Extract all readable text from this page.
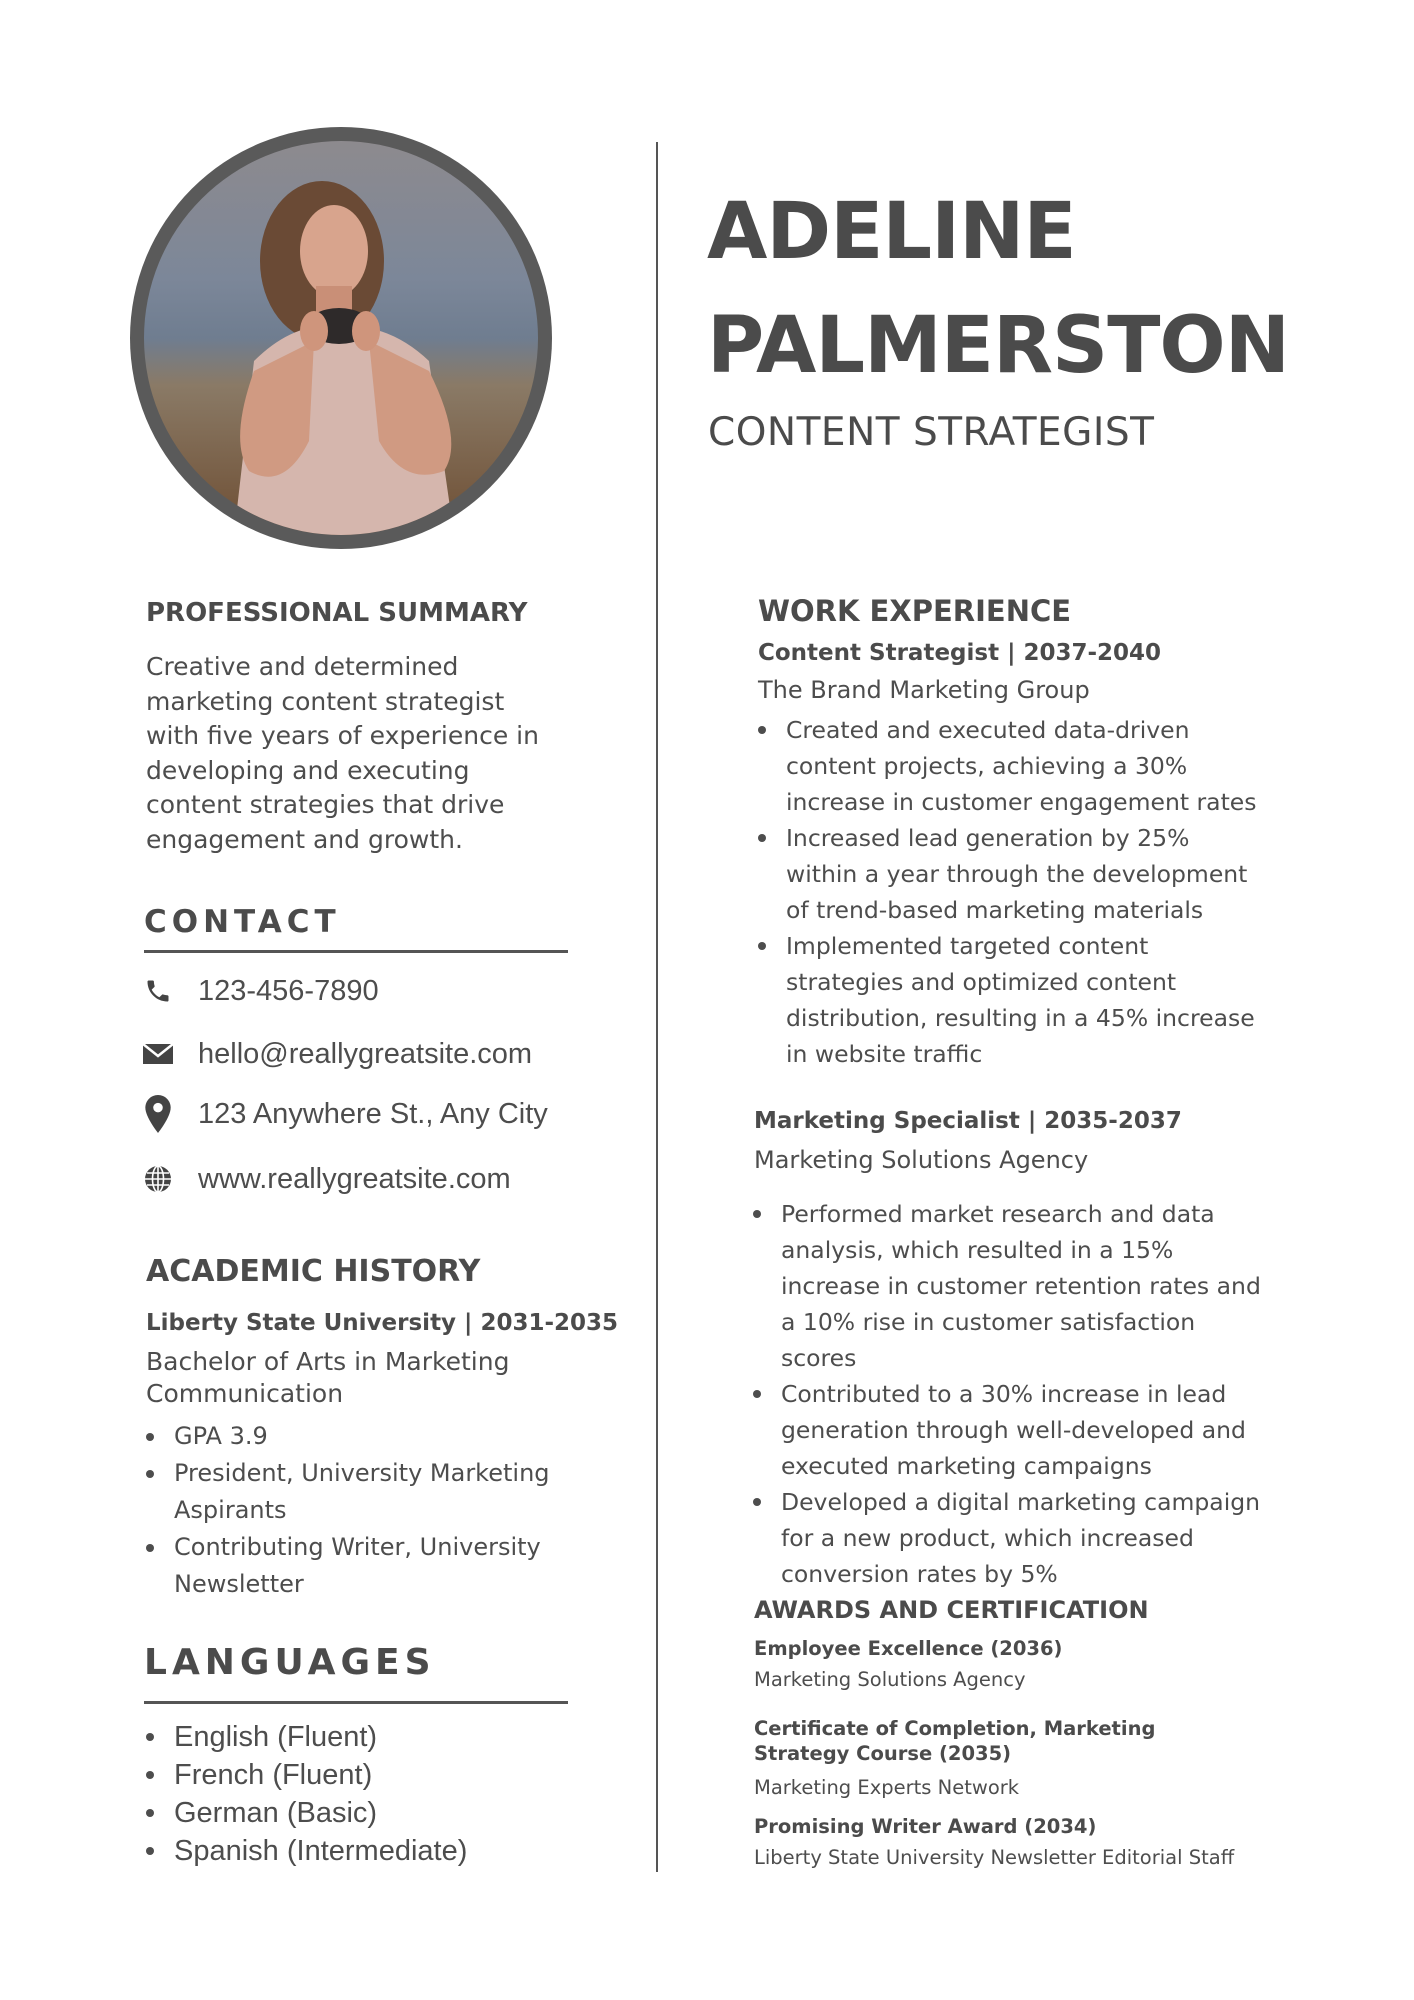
ADELINE
PALMERSTON
CONTENT STRATEGIST
PROFESSIONAL SUMMARY
Creative and determined marketing content strategist with five years of experience in developing and executing content strategies that drive engagement and growth.
CONTACT
123-456-7890
hello@reallygreatsite.com
123 Anywhere St., Any City
www.reallygreatsite.com
ACADEMIC HISTORY
Liberty State University | 2031-2035
Bachelor of Arts in Marketing Communication
GPA 3.9
President, University Marketing Aspirants
Contributing Writer, University Newsletter
LANGUAGES
English (Fluent)
French (Fluent)
German (Basic)
Spanish (Intermediate)
WORK EXPERIENCE
Content Strategist | 2037-2040
The Brand Marketing Group
Created and executed data-driven content projects, achieving a 30% increase in customer engagement rates
Increased lead generation by 25% within a year through the development of trend-based marketing materials
Implemented targeted content strategies and optimized content distribution, resulting in a 45% increase in website traffic
Marketing Specialist | 2035-2037
Marketing Solutions Agency
Performed market research and data analysis, which resulted in a 15% increase in customer retention rates and a 10% rise in customer satisfaction scores
Contributed to a 30% increase in lead generation through well-developed and executed marketing campaigns
Developed a digital marketing campaign for a new product, which increased conversion rates by 5%
AWARDS AND CERTIFICATION
Employee Excellence (2036)
Marketing Solutions Agency
Certificate of Completion, Marketing Strategy Course (2035)
Marketing Experts Network
Promising Writer Award (2034)
Liberty State University Newsletter Editorial Staff
